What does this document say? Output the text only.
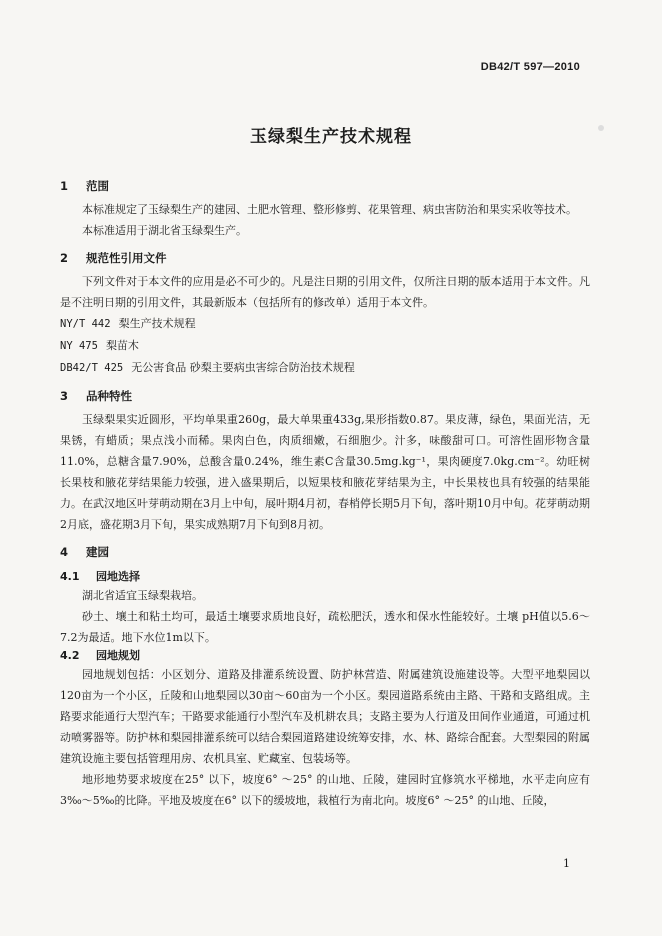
DB42/T 597—2010
玉绿梨生产技术规程
1 范围

本标准规定了玉绿梨生产的建园、土肥水管理、整形修剪、花果管理、病虫害防治和果实采收等技术。

本标准适用于湖北省玉绿梨生产。

2 规范性引用文件

下列文件对于本文件的应用是必不可少的。凡是注日期的引用文件，仅所注日期的版本适用于本文件。凡是不注明日期的引用文件，其最新版本（包括所有的修改单）适用于本文件。

NY/T 442 梨生产技术规程

NY 475 梨苗木

DB42/T 425 无公害食品 砂梨主要病虫害综合防治技术规程

3 品种特性

玉绿梨果实近圆形，平均单果重260g，最大单果重433g,果形指数0.87。果皮薄，绿色，果面光洁，无果锈，有蜡质；果点浅小而稀。果肉白色，肉质细嫩，石细胞少。汁多，味酸甜可口。可溶性固形物含量11.0%，总糖含量7.90%，总酸含量0.24%，维生素C含量30.5mg.kg⁻¹，果肉硬度7.0kg.cm⁻²。幼旺树长果枝和腋花芽结果能力较强，进入盛果期后，以短果枝和腋花芽结果为主，中长果枝也具有较强的结果能力。在武汉地区叶芽萌动期在3月上中旬，展叶期4月初，春梢停长期5月下旬，落叶期10月中旬。花芽萌动期2月底，盛花期3月下旬，果实成熟期7月下旬到8月初。

4 建园
4.1 园地选择

湖北省适宜玉绿梨栽培。

砂土、壤土和粘土均可，最适土壤要求质地良好，疏松肥沃，透水和保水性能较好。土壤 pH值以5.6～7.2为最适。地下水位1m以下。

4.2 园地规划

园地规划包括：小区划分、道路及排灌系统设置、防护林营造、附属建筑设施建设等。大型平地梨园以120亩为一个小区，丘陵和山地梨园以30亩～60亩为一个小区。梨园道路系统由主路、干路和支路组成。主路要求能通行大型汽车；干路要求能通行小型汽车及机耕农具；支路主要为人行道及田间作业通道，可通过机动喷雾器等。防护林和梨园排灌系统可以结合梨园道路建设统筹安排，水、林、路综合配套。大型梨园的附属建筑设施主要包括管理用房、农机具室、贮藏室、包装场等。

地形地势要求坡度在25° 以下，坡度6° ～25° 的山地、丘陵，建园时宜修筑水平梯地，水平走向应有3‰～5‰的比降。平地及坡度在6° 以下的缓坡地，栽植行为南北向。坡度6° ～25° 的山地、丘陵，

1
